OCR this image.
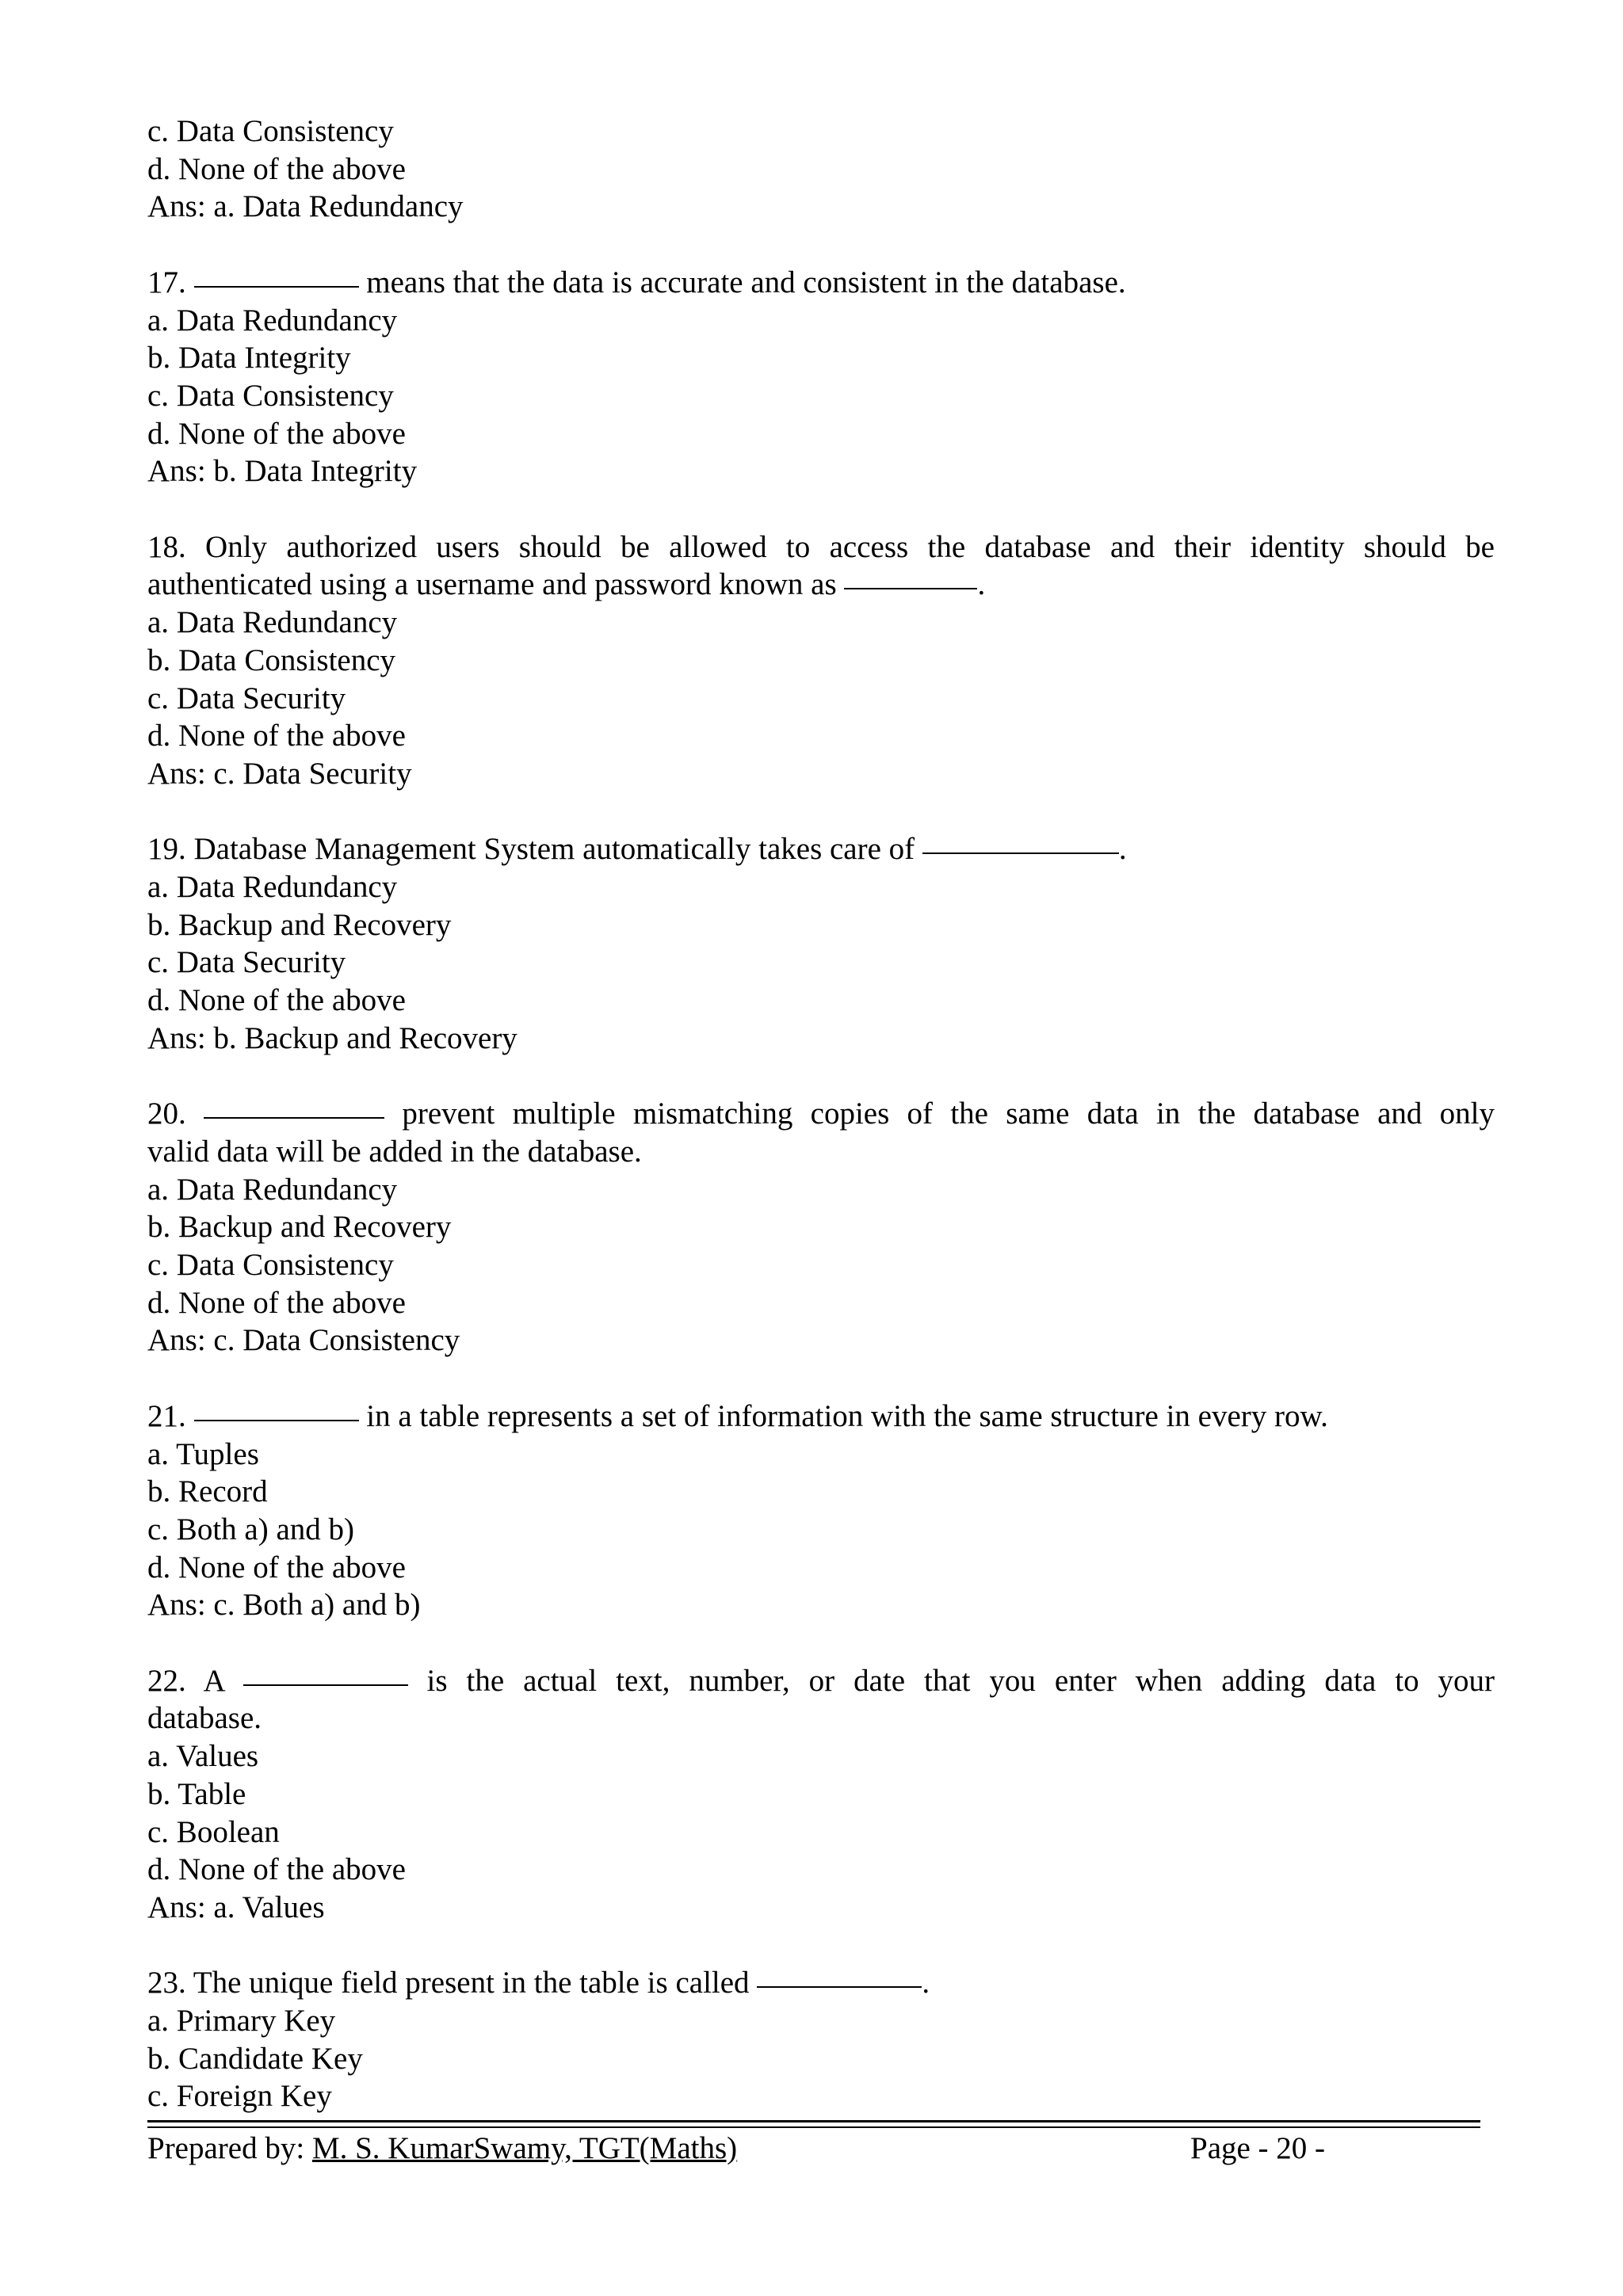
c. Data Consistency
d. None of the above
Ans: a. Data Redundancy
17.	means that the data is accurate and consistent in the database.
a. Data Redundancy
b. Data Integrity
c. Data Consistency
d. None of the above
Ans: b. Data Integrity
18. Only authorized users should be allowed to access the database and their identity should be
authenticated using a username and password known as	.
a. Data Redundancy
b. Data Consistency
c. Data Security
d. None of the above
Ans: c. Data Security
19. Database Management System automatically takes care of	.
a. Data Redundancy
b. Backup and Recovery
c. Data Security
d. None of the above
Ans: b. Backup and Recovery
20.	prevent multiple mismatching copies of the same data in the database and only
valid data will be added in the database.
a. Data Redundancy
b. Backup and Recovery
c. Data Consistency
d. None of the above
Ans: c. Data Consistency
21.	in a table represents a set of information with the same structure in every row.
a. Tuples
b. Record
c. Both a) and b)
d. None of the above
Ans: c. Both a) and b)
22. A	is the actual text, number, or date that you enter when adding data to your
database.
a. Values
b. Table
c. Boolean
d. None of the above
Ans: a. Values
23. The unique field present in the table is called	.
a. Primary Key
b. Candidate Key
c. Foreign Key
Prepared by: M. S. KumarSwamy, TGT(Maths)	Page - 20 -
